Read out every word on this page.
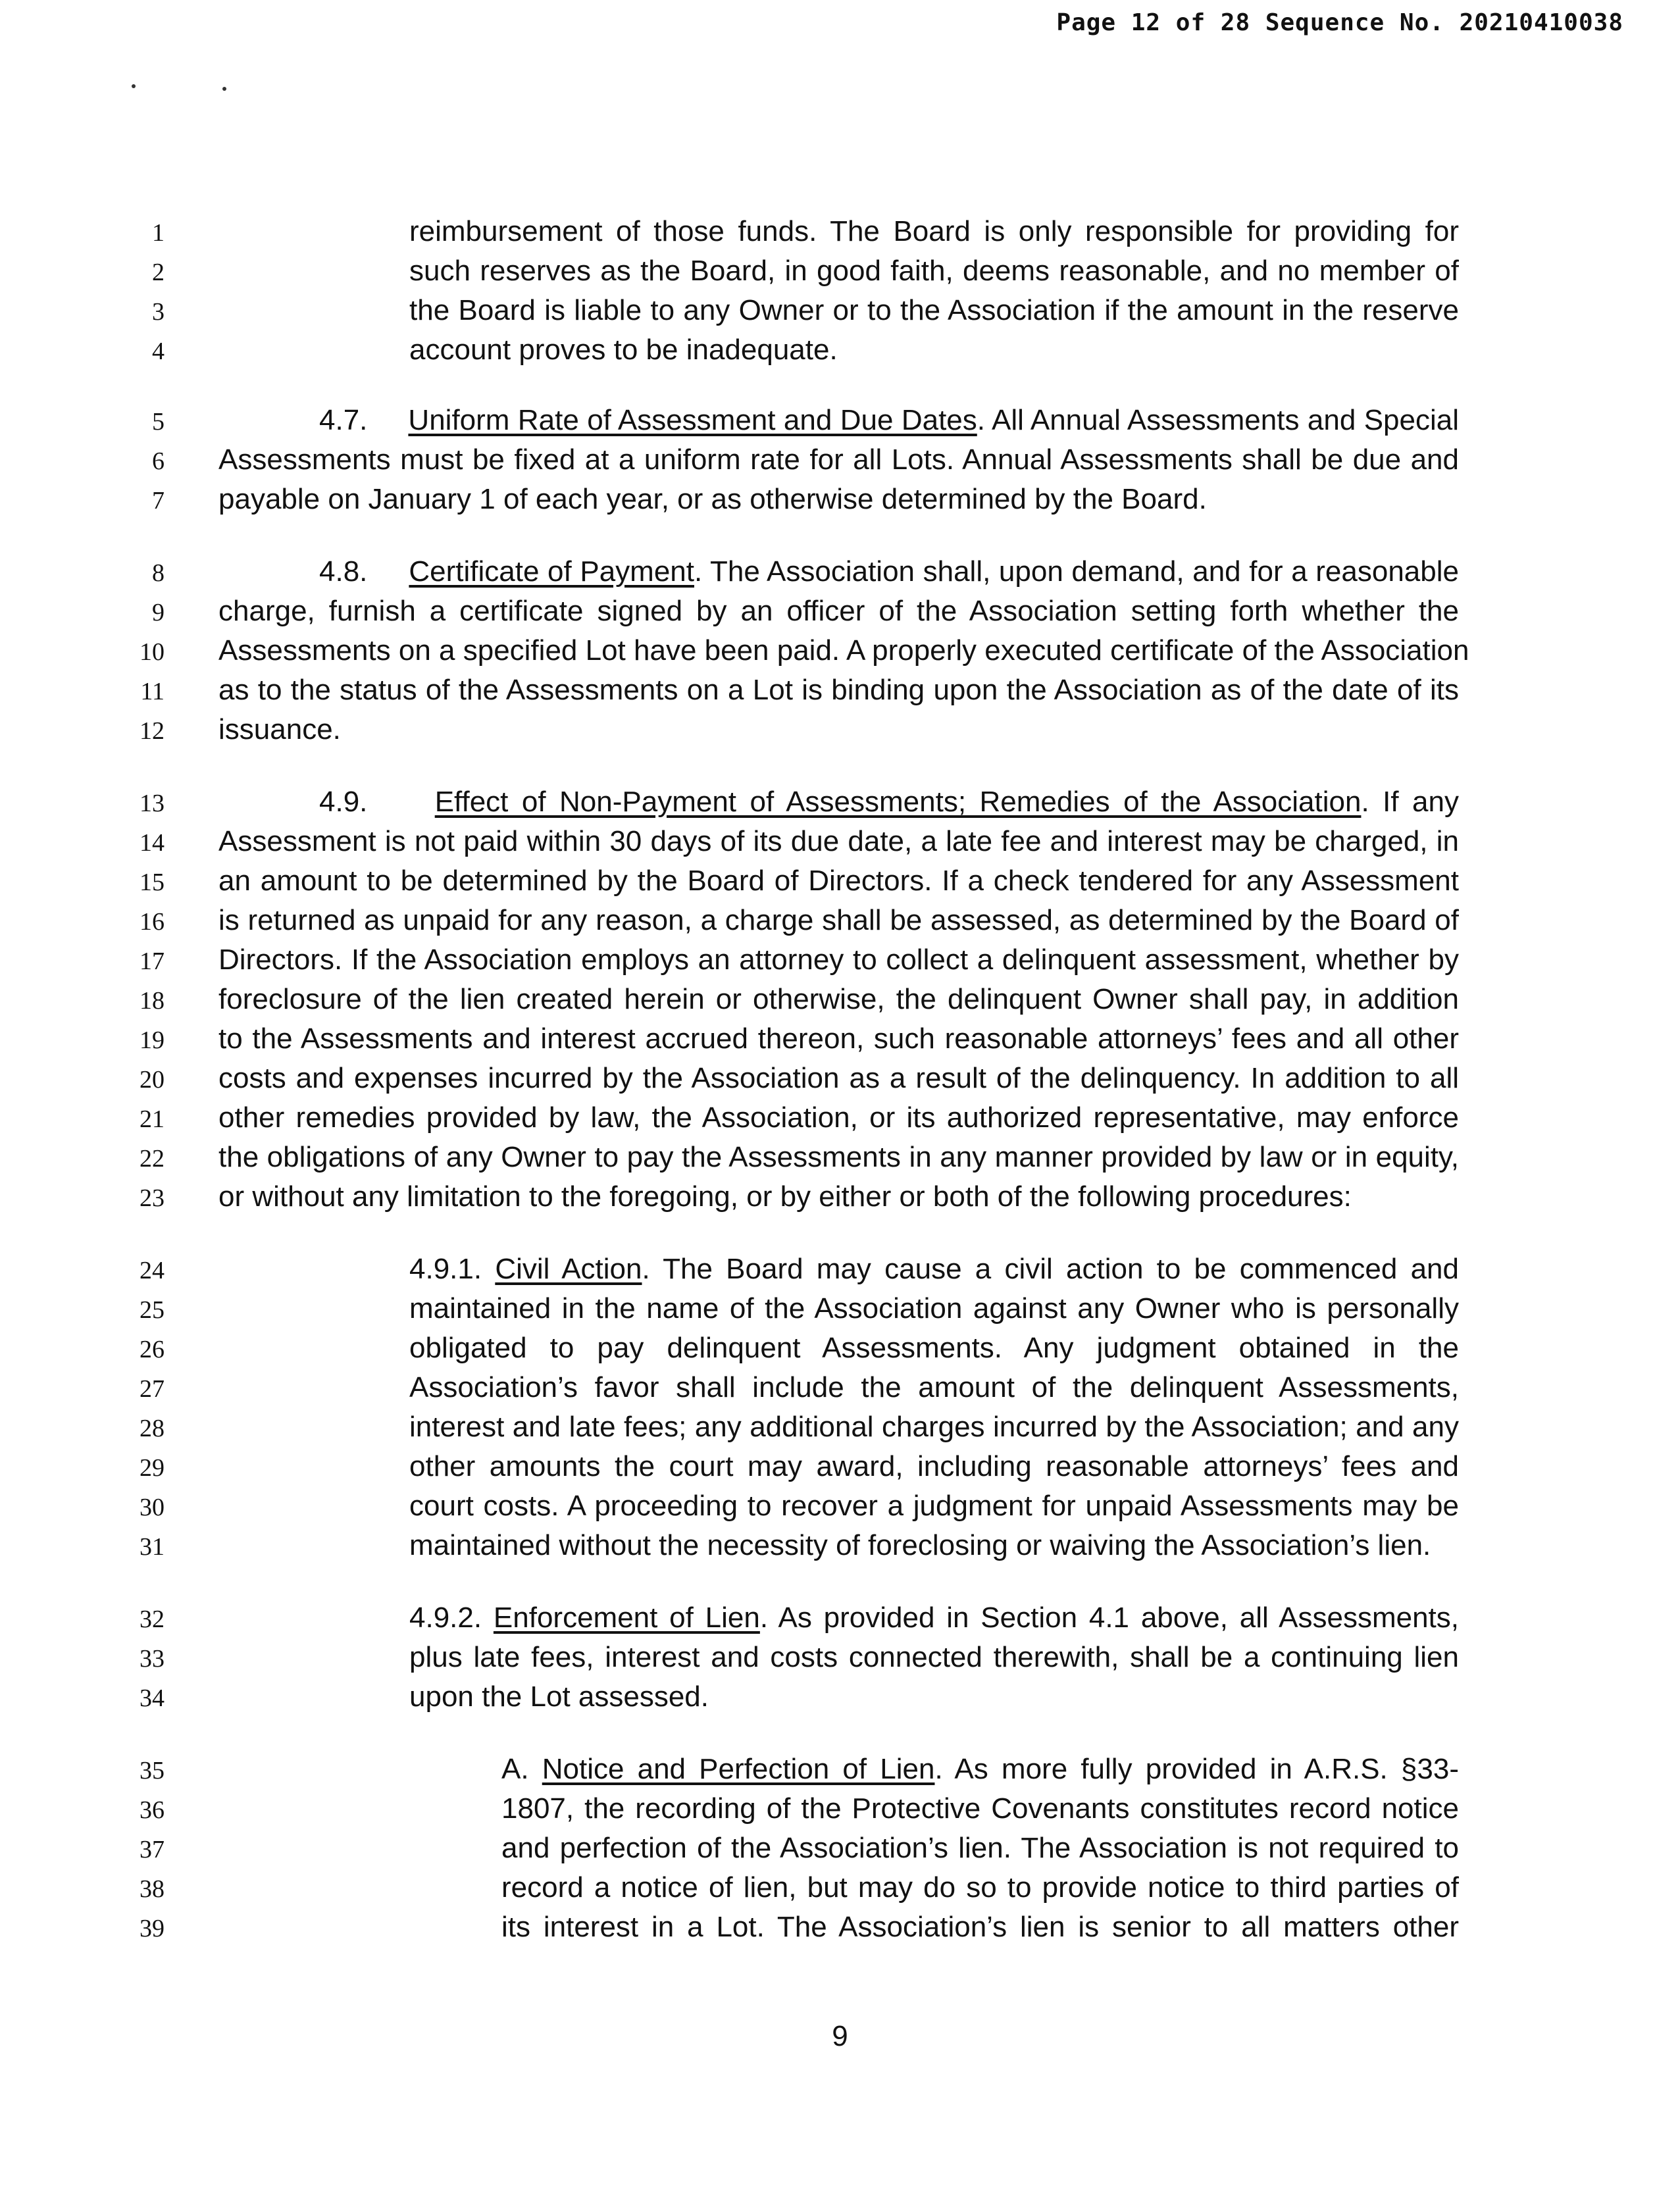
Page 12 of 28 Sequence No. 20210410038
1	reimbursement of those funds. The Board is only responsible for providing for
2	such reserves as the Board, in good faith, deems reasonable, and no member of
3	the Board is liable to any Owner or to the Association if the amount in the reserve
4	account proves to be inadequate.
5	4.7.     Uniform Rate of Assessment and Due Dates. All Annual Assessments and Special
6 Assessments must be fixed at a uniform rate for all Lots. Annual Assessments shall be due and
7 payable on January 1 of each year, or as otherwise determined by the Board.
8	4.8.     Certificate of Payment. The Association shall, upon demand, and for a reasonable
9 charge, furnish a certificate signed by an officer of the Association setting forth whether the
10 Assessments on a specified Lot have been paid. A properly executed certificate of the Association
11 as to the status of the Assessments on a Lot is binding upon the Association as of the date of its
12 issuance.
13	4.9.     Effect of Non-Payment of Assessments; Remedies of the Association. If any
14 Assessment is not paid within 30 days of its due date, a late fee and interest may be charged, in
15 an amount to be determined by the Board of Directors. If a check tendered for any Assessment
16 is returned as unpaid for any reason, a charge shall be assessed, as determined by the Board of
17 Directors. If the Association employs an attorney to collect a delinquent assessment, whether by
18 foreclosure of the lien created herein or otherwise, the delinquent Owner shall pay, in addition
19 to the Assessments and interest accrued thereon, such reasonable attorneys’ fees and all other
20 costs and expenses incurred by the Association as a result of the delinquency. In addition to all
21 other remedies provided by law, the Association, or its authorized representative, may enforce
22 the obligations of any Owner to pay the Assessments in any manner provided by law or in equity,
23 or without any limitation to the foregoing, or by either or both of the following procedures:
24	4.9.1. Civil Action. The Board may cause a civil action to be commenced and
25	maintained in the name of the Association against any Owner who is personally
26	obligated to pay delinquent Assessments. Any judgment obtained in the
27	Association’s favor shall include the amount of the delinquent Assessments,
28	interest and late fees; any additional charges incurred by the Association; and any
29	other amounts the court may award, including reasonable attorneys’ fees and
30	court costs. A proceeding to recover a judgment for unpaid Assessments may be
31	maintained without the necessity of foreclosing or waiving the Association’s lien.
32	4.9.2. Enforcement of Lien. As provided in Section 4.1 above, all Assessments,
33	plus late fees, interest and costs connected therewith, shall be a continuing lien
34	upon the Lot assessed.
35	A. Notice and Perfection of Lien. As more fully provided in A.R.S. §33-
36	1807, the recording of the Protective Covenants constitutes record notice
37	and perfection of the Association’s lien. The Association is not required to
38	record a notice of lien, but may do so to provide notice to third parties of
39	its interest in a Lot. The Association’s lien is senior to all matters other
9
